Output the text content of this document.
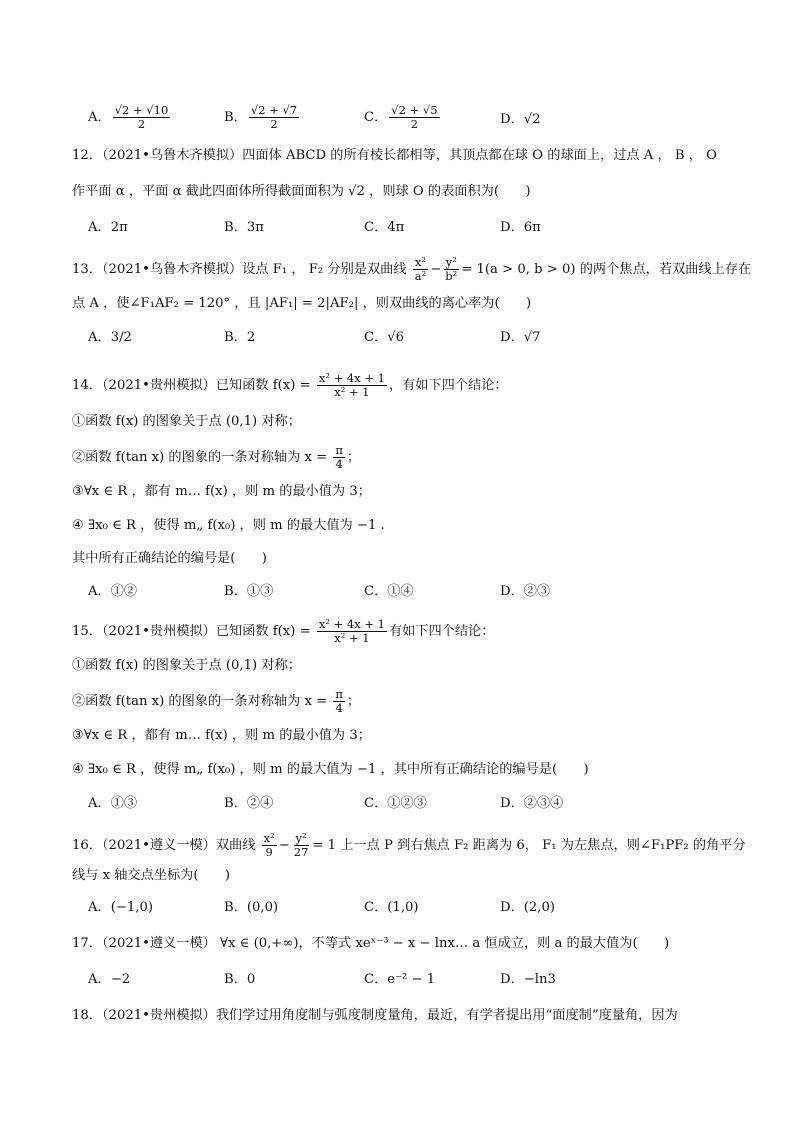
A． $\frac{√2 + √10}{2}$	B． $\frac{√2 + √7}{2}$	C． $\frac{√2 + √5}{2}$	D．√2
12．（2021•乌鲁木齐模拟）四面体 ABCD 的所有棱长都相等，其顶点都在球 O 的球面上，过点 A ， B ， O
作平面 α ，平面 α 截此四面体所得截面面积为 √2 ，则球 O 的表面积为(　　)
A．2π	B．3π	C．4π	D．6π
13．（2021•乌鲁木齐模拟）设点 F₁ ， F₂ 分别是双曲线 $\frac{\text{x²}}{\text{a²}} - \frac{\text{y²}}{\text{b²}} = 1(a > 0$, b > 0) 的两个焦点，若双曲线上存在
点 A ，使∠F₁AF₂ = 120° ，且 |AF₁| = 2|AF₂| ，则双曲线的离心率为(　　)
A．3/2	B．2	C．√6	D．√7
14．（2021•贵州模拟）已知函数 $f(x) = \frac{\text{x² + 4x + 1}}{\text{x² + 1}}$ ，有如下四个结论：
①函数 f(x) 的图象关于点 (0,1) 对称；
②函数 f(tan x) 的图象的一条对称轴为 $x = \frac{\pi}{4}$ ；
③∀x ∈ R ，都有 m… f(x) ，则 m 的最小值为 3；
④ ∃x₀ ∈ R ，使得 m„ f(x₀) ，则 m 的最大值为 −1 .
其中所有正确结论的编号是(　　)
A．①②	B．①③	C．①④	D．②③
15．（2021•贵州模拟）已知函数 $f(x) = \frac{\text{x² + 4x + 1}}{\text{x² + 1}}$ 有如下四个结论：
①函数 f(x) 的图象关于点 (0,1) 对称；
②函数 f(tan x) 的图象的一条对称轴为 $x = \frac{\pi}{4}$ ；
③∀x ∈ R ，都有 m… f(x) ，则 m 的最小值为 3；
④ ∃x₀ ∈ R ，使得 m„ f(x₀) ，则 m 的最大值为 −1 ，其中所有正确结论的编号是(　　)
A．①③	B．②④	C．①②③	D．②③④
16．（2021•遵义一模）双曲线 $\frac{\text{x²}}{9} - \frac{\text{y²}}{27} = 1$ 上一点 P 到右焦点 F₂ 距离为 6， F₁ 为左焦点，则∠F₁PF₂ 的角平分
线与 x 轴交点坐标为(　　)
A．(−1,0)	B．(0,0)	C．(1,0)	D．(2,0)
17．（2021•遵义一模） ∀x ∈ (0,+∞)，不等式 xeˣ⁻³ − x − lnx… a 恒成立，则 a 的最大值为(　　)
A．−2	B．0	C．e⁻² − 1	D．−ln3
18．（2021•贵州模拟）我们学过用角度制与弧度制度量角，最近，有学者提出用“面度制”度量角，因为
